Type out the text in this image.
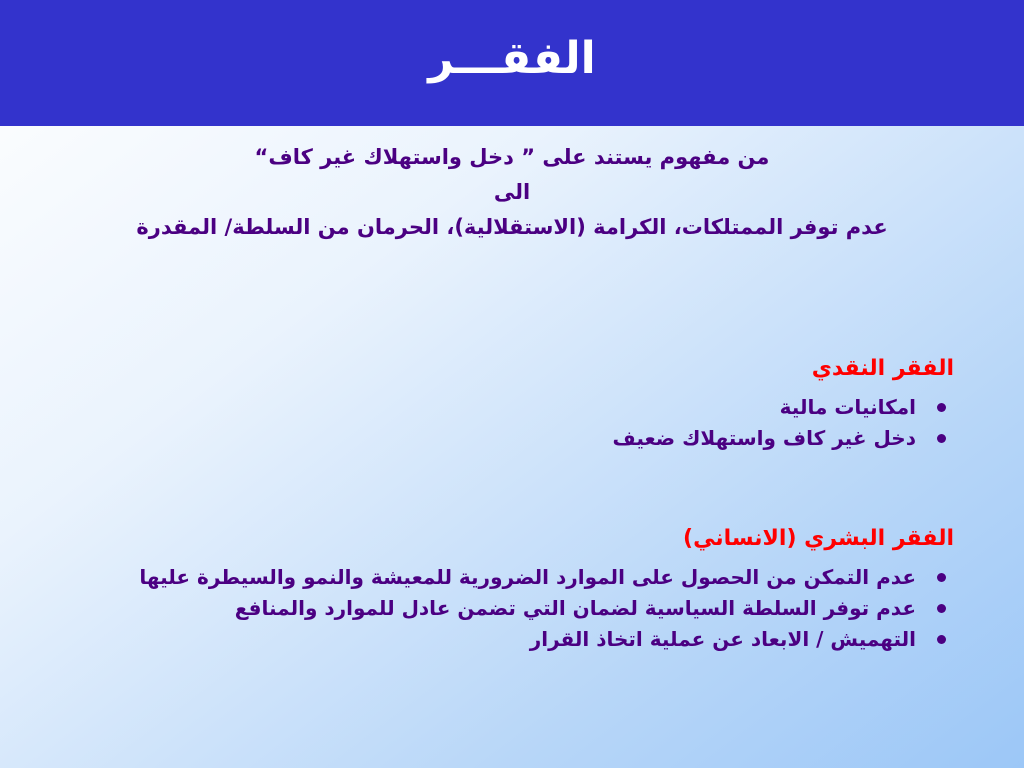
الفقـــر
من مفهوم يستند على ” دخل واستهلاك غير كاف“
الى
عدم توفر الممتلكات، الكرامة (الاستقلالية)، الحرمان من السلطة/ المقدرة
الفقر النقدي
امكانيات مالية
دخل غير كاف واستهلاك ضعيف
الفقر البشري (الانساني)
عدم التمكن من الحصول على الموارد الضرورية للمعيشة والنمو والسيطرة عليها
عدم توفر السلطة السياسية لضمان التي تضمن عادل للموارد والمنافع
التهميش / الابعاد عن عملية اتخاذ القرار
